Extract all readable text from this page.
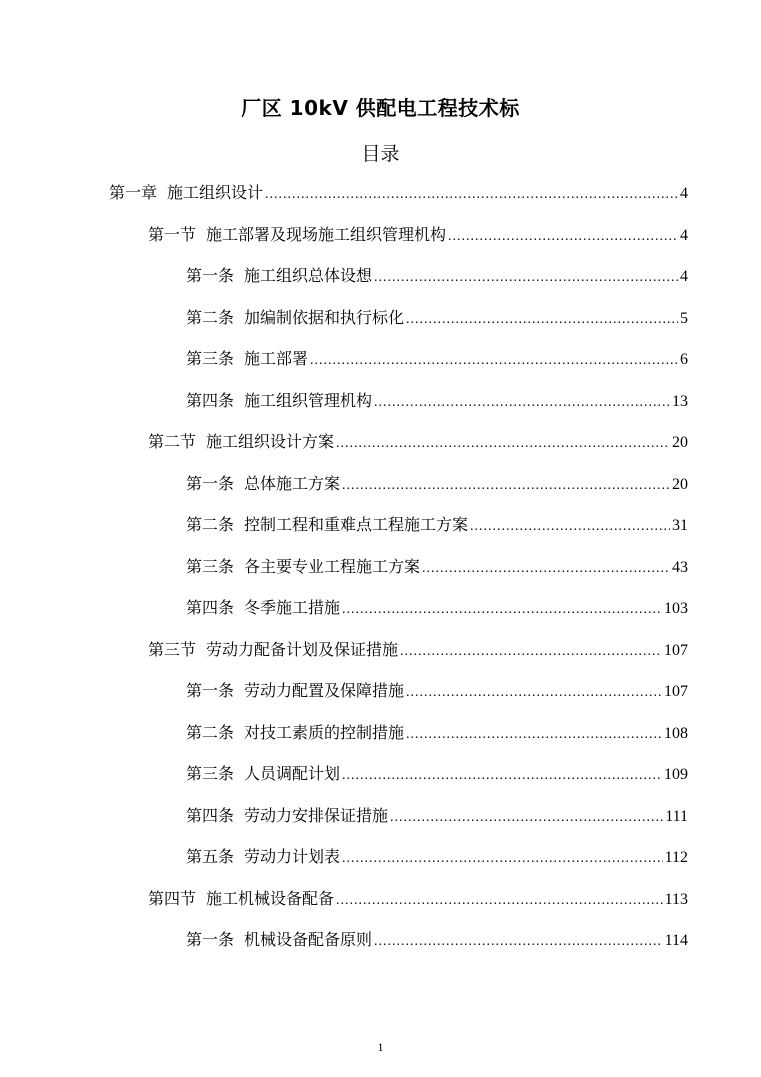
厂区 10kV 供配电工程技术标
目录
第一章 施工组织设计 .....	4
第一节 施工部署及现场施工组织管理机构 .....	4
第一条 施工组织总体设想 .....	4
第二条 加编制依据和执行标化 .....	5
第三条 施工部署 .....	6
第四条 施工组织管理机构 .....	13
第二节 施工组织设计方案 .....	20
第一条 总体施工方案 .....	20
第二条 控制工程和重难点工程施工方案 .....	31
第三条 各主要专业工程施工方案 .....	43
第四条 冬季施工措施 .....	103
第三节 劳动力配备计划及保证措施 .....	107
第一条 劳动力配置及保障措施 .....	107
第二条 对技工素质的控制措施 .....	108
第三条 人员调配计划 .....	109
第四条 劳动力安排保证措施 .....	111
第五条 劳动力计划表 .....	112
第四节 施工机械设备配备 .....	113
第一条 机械设备配备原则 .....	114
1
